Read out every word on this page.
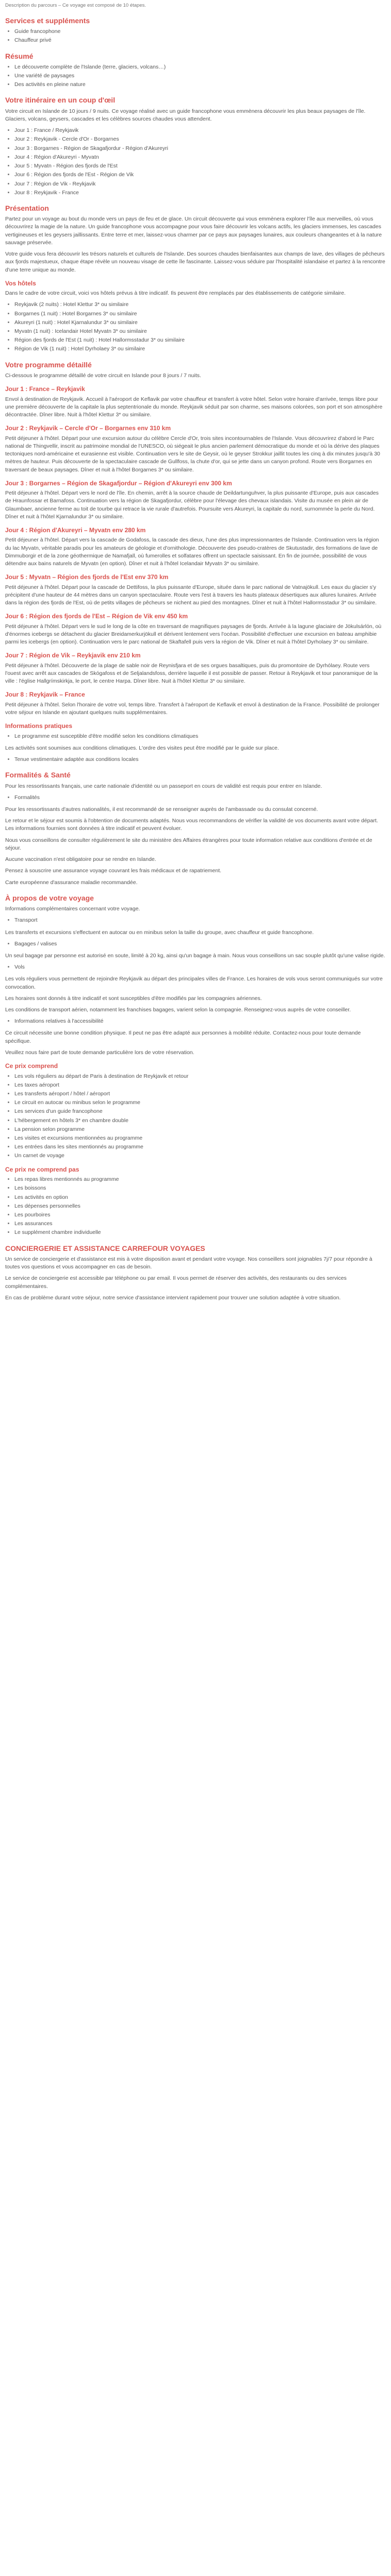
Description du parcours – Ce voyage est composé de 10 étapes.
Services et suppléments
• Guide francophone
• Chauffeur privé
Résumé
• Le découverte complète de l'Islande (terre, glaciers, volcans…)
• Une variété de paysages
• Des activités en pleine nature
Votre itinéraire en un coup d'œil

Votre circuit en Islande de 10 jours / 9 nuits. Ce voyage réalisé avec un guide francophone vous emmènera découvrir les plus beaux paysages de l'île. Glaciers, volcans, geysers, cascades et les célèbres sources chaudes vous attendent.

• Jour 1 : France / Reykjavik
• Jour 2 : Reykjavik - Cercle d'Or - Borgarnes
• Jour 3 : Borgarnes - Région de Skagafjordur - Région d'Akureyri
• Jour 4 : Région d'Akureyri - Myvatn
• Jour 5 : Myvatn - Région des fjords de l'Est
• Jour 6 : Région des fjords de l'Est - Région de Vik
• Jour 7 : Région de Vik - Reykjavik
• Jour 8 : Reykjavik - France
Présentation

Partez pour un voyage au bout du monde vers un pays de feu et de glace. Un circuit découverte qui vous emmènera explorer l'île aux merveilles, où vous découvrirez la magie de la nature. Un guide francophone vous accompagne pour vous faire découvrir les volcans actifs, les glaciers immenses, les cascades vertigineuses et les geysers jaillissants. Entre terre et mer, laissez-vous charmer par ce pays aux paysages lunaires, aux couleurs changeantes et à la nature sauvage préservée.

Votre guide vous fera découvrir les trésors naturels et culturels de l'Islande. Des sources chaudes bienfaisantes aux champs de lave, des villages de pêcheurs aux fjords majestueux, chaque étape révèle un nouveau visage de cette île fascinante. Laissez-vous séduire par l'hospitalité islandaise et partez à la rencontre d'une terre unique au monde.

Vos hôtels

Dans le cadre de votre circuit, voici vos hôtels prévus à titre indicatif. Ils peuvent être remplacés par des établissements de catégorie similaire.

• Reykjavik (2 nuits) : Hotel Klettur 3* ou similaire
• Borgarnes (1 nuit) : Hotel Borgarnes 3* ou similaire
• Akureyri (1 nuit) : Hotel Kjarnalundur 3* ou similaire
• Myvatn (1 nuit) : Icelandair Hotel Myvatn 3* ou similaire
• Région des fjords de l'Est (1 nuit) : Hotel Hallormsstadur 3* ou similaire
• Région de Vik (1 nuit) : Hotel Dyrholaey 3* ou similaire
Votre programme détaillé

Ci-dessous le programme détaillé de votre circuit en Islande pour 8 jours / 7 nuits.

Jour 1 : France – Reykjavik

Envol à destination de Reykjavik. Accueil à l'aéroport de Keflavik par votre chauffeur et transfert à votre hôtel. Selon votre horaire d'arrivée, temps libre pour une première découverte de la capitale la plus septentrionale du monde. Reykjavik séduit par son charme, ses maisons colorées, son port et son atmosphère décontractée. Dîner libre. Nuit à l'hôtel Klettur 3* ou similaire.

Jour 2 : Reykjavik – Cercle d'Or – Borgarnes env 310 km

Petit déjeuner à l'hôtel. Départ pour une excursion autour du célèbre Cercle d'Or, trois sites incontournables de l'Islande. Vous découvrirez d'abord le Parc national de Thingvellir, inscrit au patrimoine mondial de l'UNESCO, où siégeait le plus ancien parlement démocratique du monde et où la dérive des plaques tectoniques nord-américaine et eurasienne est visible. Continuation vers le site de Geysir, où le geyser Strokkur jaillit toutes les cinq à dix minutes jusqu'à 30 mètres de hauteur. Puis découverte de la spectaculaire cascade de Gullfoss, la chute d'or, qui se jette dans un canyon profond. Route vers Borgarnes en traversant de beaux paysages. Dîner et nuit à l'hôtel Borgarnes 3* ou similaire.

Jour 3 : Borgarnes – Région de Skagafjordur – Région d'Akureyri env 300 km

Petit déjeuner à l'hôtel. Départ vers le nord de l'île. En chemin, arrêt à la source chaude de Deildartunguhver, la plus puissante d'Europe, puis aux cascades de Hraunfossar et Barnafoss. Continuation vers la région de Skagafjordur, célèbre pour l'élevage des chevaux islandais. Visite du musée en plein air de Glaumbaer, ancienne ferme au toit de tourbe qui retrace la vie rurale d'autrefois. Poursuite vers Akureyri, la capitale du nord, surnommée la perle du Nord. Dîner et nuit à l'hôtel Kjarnalundur 3* ou similaire.

Jour 4 : Région d'Akureyri – Myvatn env 280 km

Petit déjeuner à l'hôtel. Départ vers la cascade de Godafoss, la cascade des dieux, l'une des plus impressionnantes de l'Islande. Continuation vers la région du lac Myvatn, véritable paradis pour les amateurs de géologie et d'ornithologie. Découverte des pseudo-cratères de Skutustadir, des formations de lave de Dimmuborgir et de la zone géothermique de Namafjall, où fumerolles et solfatares offrent un spectacle saisissant. En fin de journée, possibilité de vous détendre aux bains naturels de Myvatn (en option). Dîner et nuit à l'hôtel Icelandair Myvatn 3* ou similaire.

Jour 5 : Myvatn – Région des fjords de l'Est env 370 km

Petit déjeuner à l'hôtel. Départ pour la cascade de Dettifoss, la plus puissante d'Europe, située dans le parc national de Vatnajökull. Les eaux du glacier s'y précipitent d'une hauteur de 44 mètres dans un canyon spectaculaire. Route vers l'est à travers les hauts plateaux désertiques aux allures lunaires. Arrivée dans la région des fjords de l'Est, où de petits villages de pêcheurs se nichent au pied des montagnes. Dîner et nuit à l'hôtel Hallormsstadur 3* ou similaire.

Jour 6 : Région des fjords de l'Est – Région de Vik env 450 km

Petit déjeuner à l'hôtel. Départ vers le sud le long de la côte en traversant de magnifiques paysages de fjords. Arrivée à la lagune glaciaire de Jökulsárlón, où d'énormes icebergs se détachent du glacier Breidamerkurjökull et dérivent lentement vers l'océan. Possibilité d'effectuer une excursion en bateau amphibie parmi les icebergs (en option). Continuation vers le parc national de Skaftafell puis vers la région de Vik. Dîner et nuit à l'hôtel Dyrholaey 3* ou similaire.

Jour 7 : Région de Vik – Reykjavik env 210 km

Petit déjeuner à l'hôtel. Découverte de la plage de sable noir de Reynisfjara et de ses orgues basaltiques, puis du promontoire de Dyrhólaey. Route vers l'ouest avec arrêt aux cascades de Skógafoss et de Seljalandsfoss, derrière laquelle il est possible de passer. Retour à Reykjavik et tour panoramique de la ville : l'église Hallgrímskirkja, le port, le centre Harpa. Dîner libre. Nuit à l'hôtel Klettur 3* ou similaire.

Jour 8 : Reykjavik – France

Petit déjeuner à l'hôtel. Selon l'horaire de votre vol, temps libre. Transfert à l'aéroport de Keflavik et envol à destination de la France. Possibilité de prolonger votre séjour en Islande en ajoutant quelques nuits supplémentaires.

Informations pratiques
• Le programme est susceptible d'être modifié selon les conditions climatiques

Les activités sont soumises aux conditions climatiques. L'ordre des visites peut être modifié par le guide sur place.

• Tenue vestimentaire adaptée aux conditions locales
Formalités & Santé

Pour les ressortissants français, une carte nationale d'identité ou un passeport en cours de validité est requis pour entrer en Islande.

• Formalités

Pour les ressortissants d'autres nationalités, il est recommandé de se renseigner auprès de l'ambassade ou du consulat concerné.

Le retour et le séjour est soumis à l'obtention de documents adaptés. Nous vous recommandons de vérifier la validité de vos documents avant votre départ. Les informations fournies sont données à titre indicatif et peuvent évoluer.

Nous vous conseillons de consulter régulièrement le site du ministère des Affaires étrangères pour toute information relative aux conditions d'entrée et de séjour.

Aucune vaccination n'est obligatoire pour se rendre en Islande.

Pensez à souscrire une assurance voyage couvrant les frais médicaux et de rapatriement.

Carte européenne d'assurance maladie recommandée.

À propos de votre voyage

Informations complémentaires concernant votre voyage.

• Transport

Les transferts et excursions s'effectuent en autocar ou en minibus selon la taille du groupe, avec chauffeur et guide francophone.

• Bagages / valises

Un seul bagage par personne est autorisé en soute, limité à 20 kg, ainsi qu'un bagage à main. Nous vous conseillons un sac souple plutôt qu'une valise rigide.

• Vols

Les vols réguliers vous permettent de rejoindre Reykjavik au départ des principales villes de France. Les horaires de vols vous seront communiqués sur votre convocation.

Les horaires sont donnés à titre indicatif et sont susceptibles d'être modifiés par les compagnies aériennes.

Les conditions de transport aérien, notamment les franchises bagages, varient selon la compagnie. Renseignez-vous auprès de votre conseiller.

• Informations relatives à l'accessibilité

Ce circuit nécessite une bonne condition physique. Il peut ne pas être adapté aux personnes à mobilité réduite. Contactez-nous pour toute demande spécifique.

Veuillez nous faire part de toute demande particulière lors de votre réservation.

Ce prix comprend
• Les vols réguliers au départ de Paris à destination de Reykjavik et retour
• Les taxes aéroport
• Les transferts aéroport / hôtel / aéroport
• Le circuit en autocar ou minibus selon le programme
• Les services d'un guide francophone
• L'hébergement en hôtels 3* en chambre double
• La pension selon programme
• Les visites et excursions mentionnées au programme
• Les entrées dans les sites mentionnés au programme
• Un carnet de voyage
Ce prix ne comprend pas
• Les repas libres mentionnés au programme
• Les boissons
• Les activités en option
• Les dépenses personnelles
• Les pourboires
• Les assurances
• Le supplément chambre individuelle
CONCIERGERIE ET ASSISTANCE CARREFOUR VOYAGES

Un service de conciergerie et d'assistance est mis à votre disposition avant et pendant votre voyage. Nos conseillers sont joignables 7j/7 pour répondre à toutes vos questions et vous accompagner en cas de besoin.

Le service de conciergerie est accessible par téléphone ou par email. Il vous permet de réserver des activités, des restaurants ou des services complémentaires.

En cas de problème durant votre séjour, notre service d'assistance intervient rapidement pour trouver une solution adaptée à votre situation.
